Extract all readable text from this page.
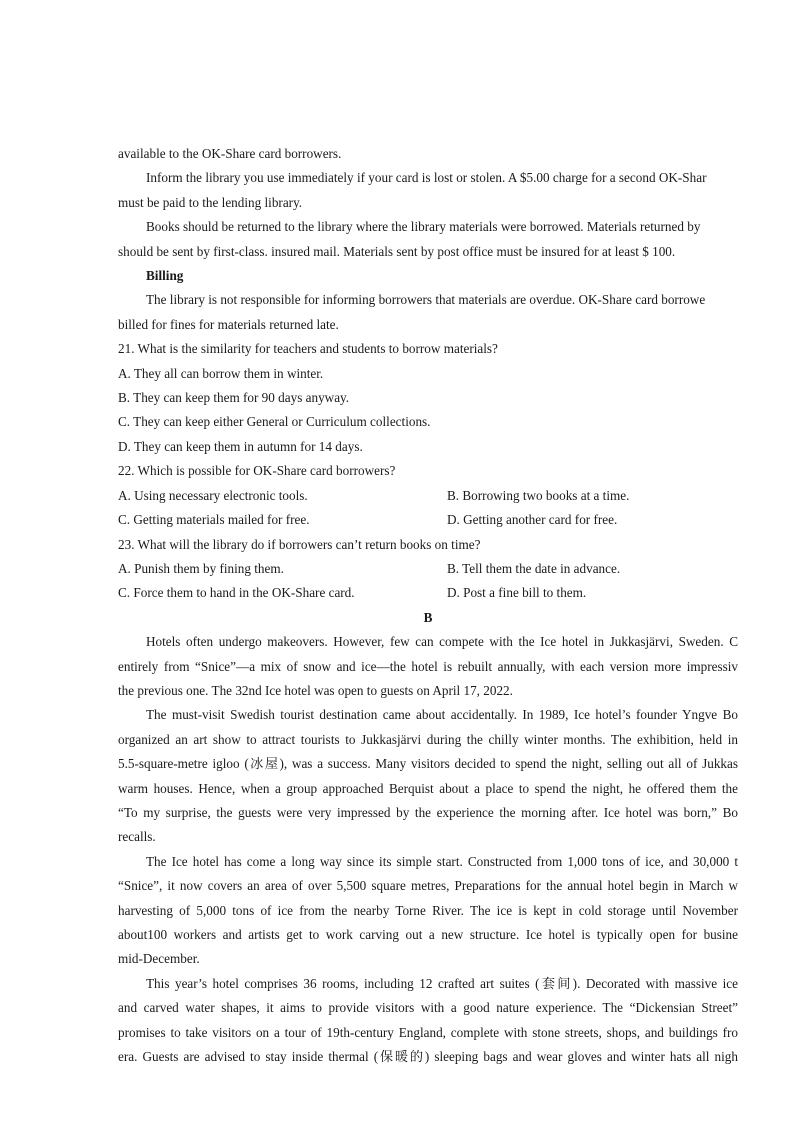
available to the OK-Share card borrowers.
Inform the library you use immediately if your card is lost or stolen. A $5.00 charge for a second OK-Shar
must be paid to the lending library.
Books should be returned to the library where the library materials were borrowed. Materials returned by
should be sent by first-class. insured mail. Materials sent by post office must be insured for at least $ 100.
Billing
The library is not responsible for informing borrowers that materials are overdue. OK-Share card borrowe
billed for fines for materials returned late.
21. What is the similarity for teachers and students to borrow materials?
A. They all can borrow them in winter.
B. They can keep them for 90 days anyway.
C. They can keep either General or Curriculum collections.
D. They can keep them in autumn for 14 days.
22. Which is possible for OK-Share card borrowers?
A. Using necessary electronic tools.	B. Borrowing two books at a time.
C. Getting materials mailed for free.	D. Getting another card for free.
23. What will the library do if borrowers can’t return books on time?
A. Punish them by fining them.	B. Tell them the date in advance.
C. Force them to hand in the OK-Share card.	D. Post a fine bill to them.
B
Hotels often undergo makeovers. However, few can compete with the Ice hotel in Jukkasjärvi, Sweden. C
entirely from “Snice”—a mix of snow and ice—the hotel is rebuilt annually, with each version more impressiv
the previous one. The 32nd Ice hotel was open to guests on April 17, 2022.
The must-visit Swedish tourist destination came about accidentally. In 1989, Ice hotel’s founder Yngve Bo
organized an art show to attract tourists to Jukkasjärvi during the chilly winter months. The exhibition, held in
5.5-square-metre igloo (冰屋), was a success. Many visitors decided to spend the night, selling out all of Jukkas
warm houses. Hence, when a group approached Berquist about a place to spend the night, he offered them the
“To my surprise, the guests were very impressed by the experience the morning after. Ice hotel was born,” Bo
recalls.
The Ice hotel has come a long way since its simple start. Constructed from 1,000 tons of ice, and 30,000 t
“Snice”, it now covers an area of over 5,500 square metres, Preparations for the annual hotel begin in March w
harvesting of 5,000 tons of ice from the nearby Torne River. The ice is kept in cold storage until November
about100 workers and artists get to work carving out a new structure. Ice hotel is typically open for busine
mid-December.
This year’s hotel comprises 36 rooms, including 12 crafted art suites (套间). Decorated with massive ice
and carved water shapes, it aims to provide visitors with a good nature experience. The “Dickensian Street”
promises to take visitors on a tour of 19th-century England, complete with stone streets, shops, and buildings fro
era. Guests are advised to stay inside thermal (保暖的) sleeping bags and wear gloves and winter hats all nigh
